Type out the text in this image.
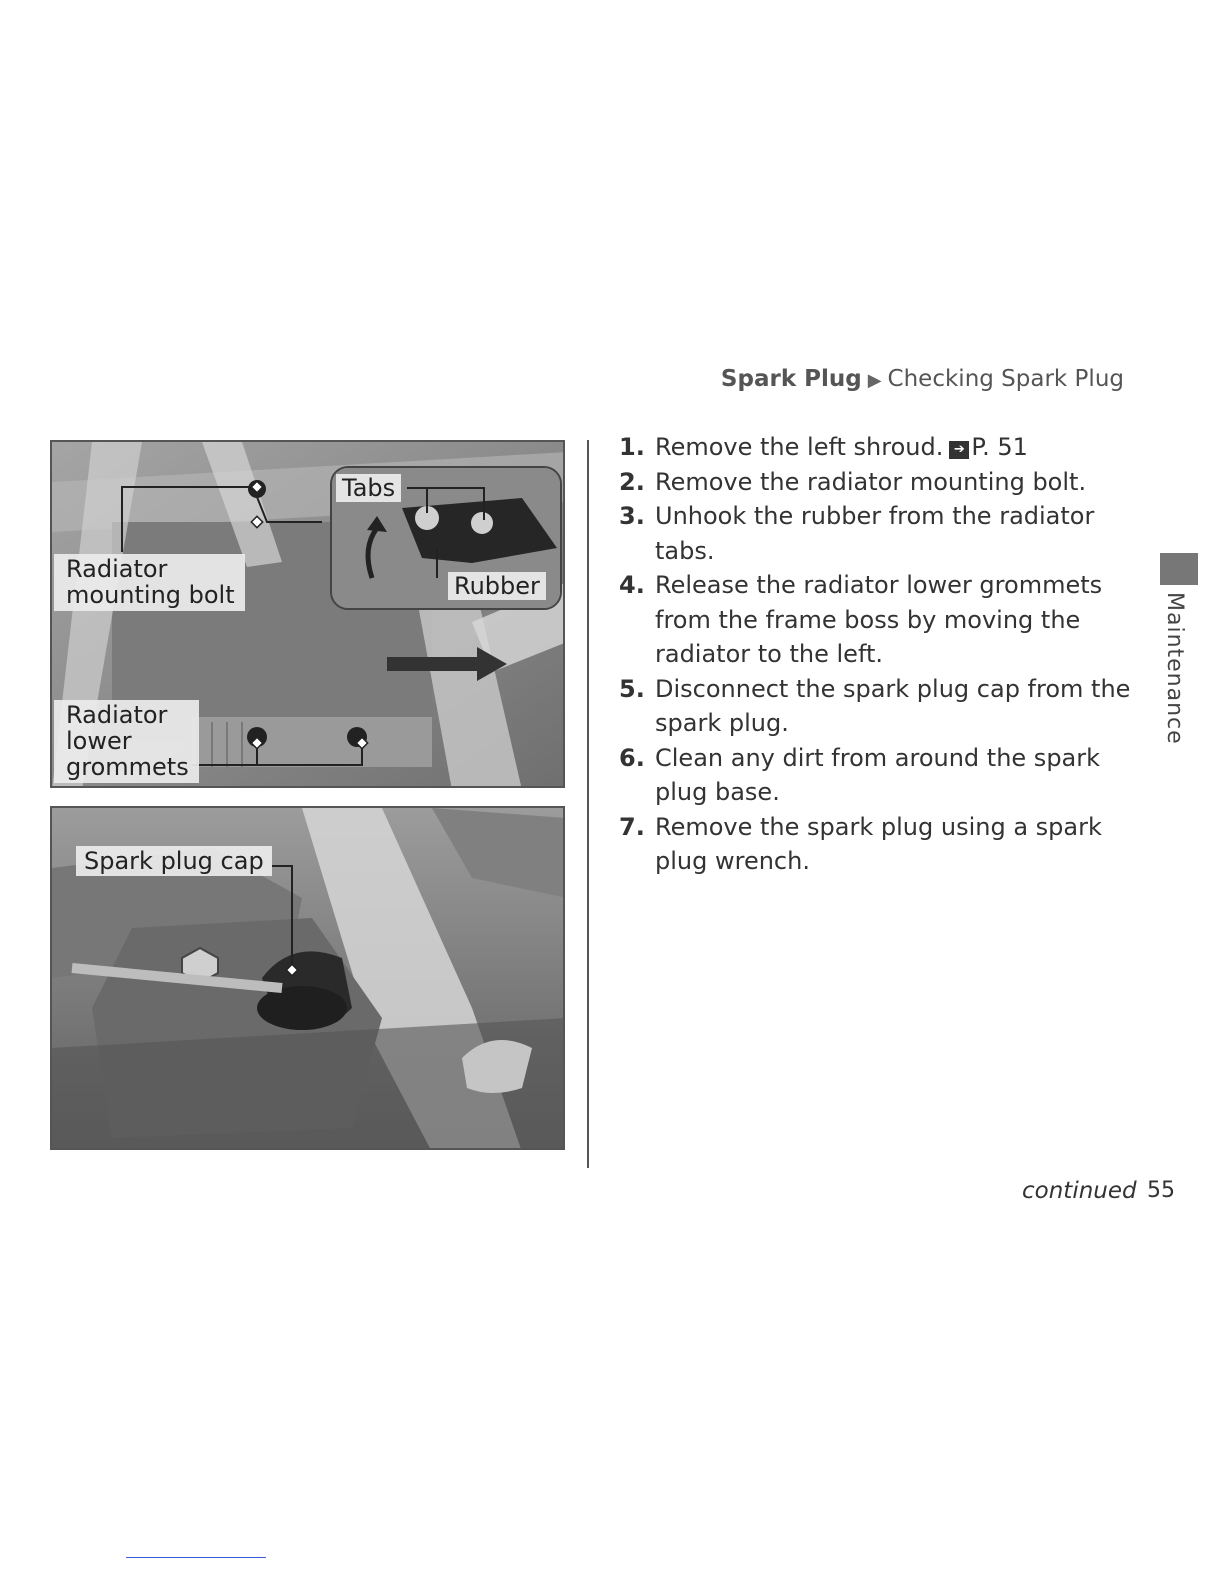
Spark Plug ▶ Checking Spark Plug
Tabs
Rubber
Radiator
mounting bolt
Radiator
lower
grommets
Spark plug cap
1. Remove the left shroud. ➔ P. 51
2. Remove the radiator mounting bolt.
3. Unhook the rubber from the radiator tabs.
4. Release the radiator lower grommets from the frame boss by moving the radiator to the left.
5. Disconnect the spark plug cap from the spark plug.
6. Clean any dirt from around the spark plug base.
7. Remove the spark plug using a spark plug wrench.
Maintenance
continued 55
